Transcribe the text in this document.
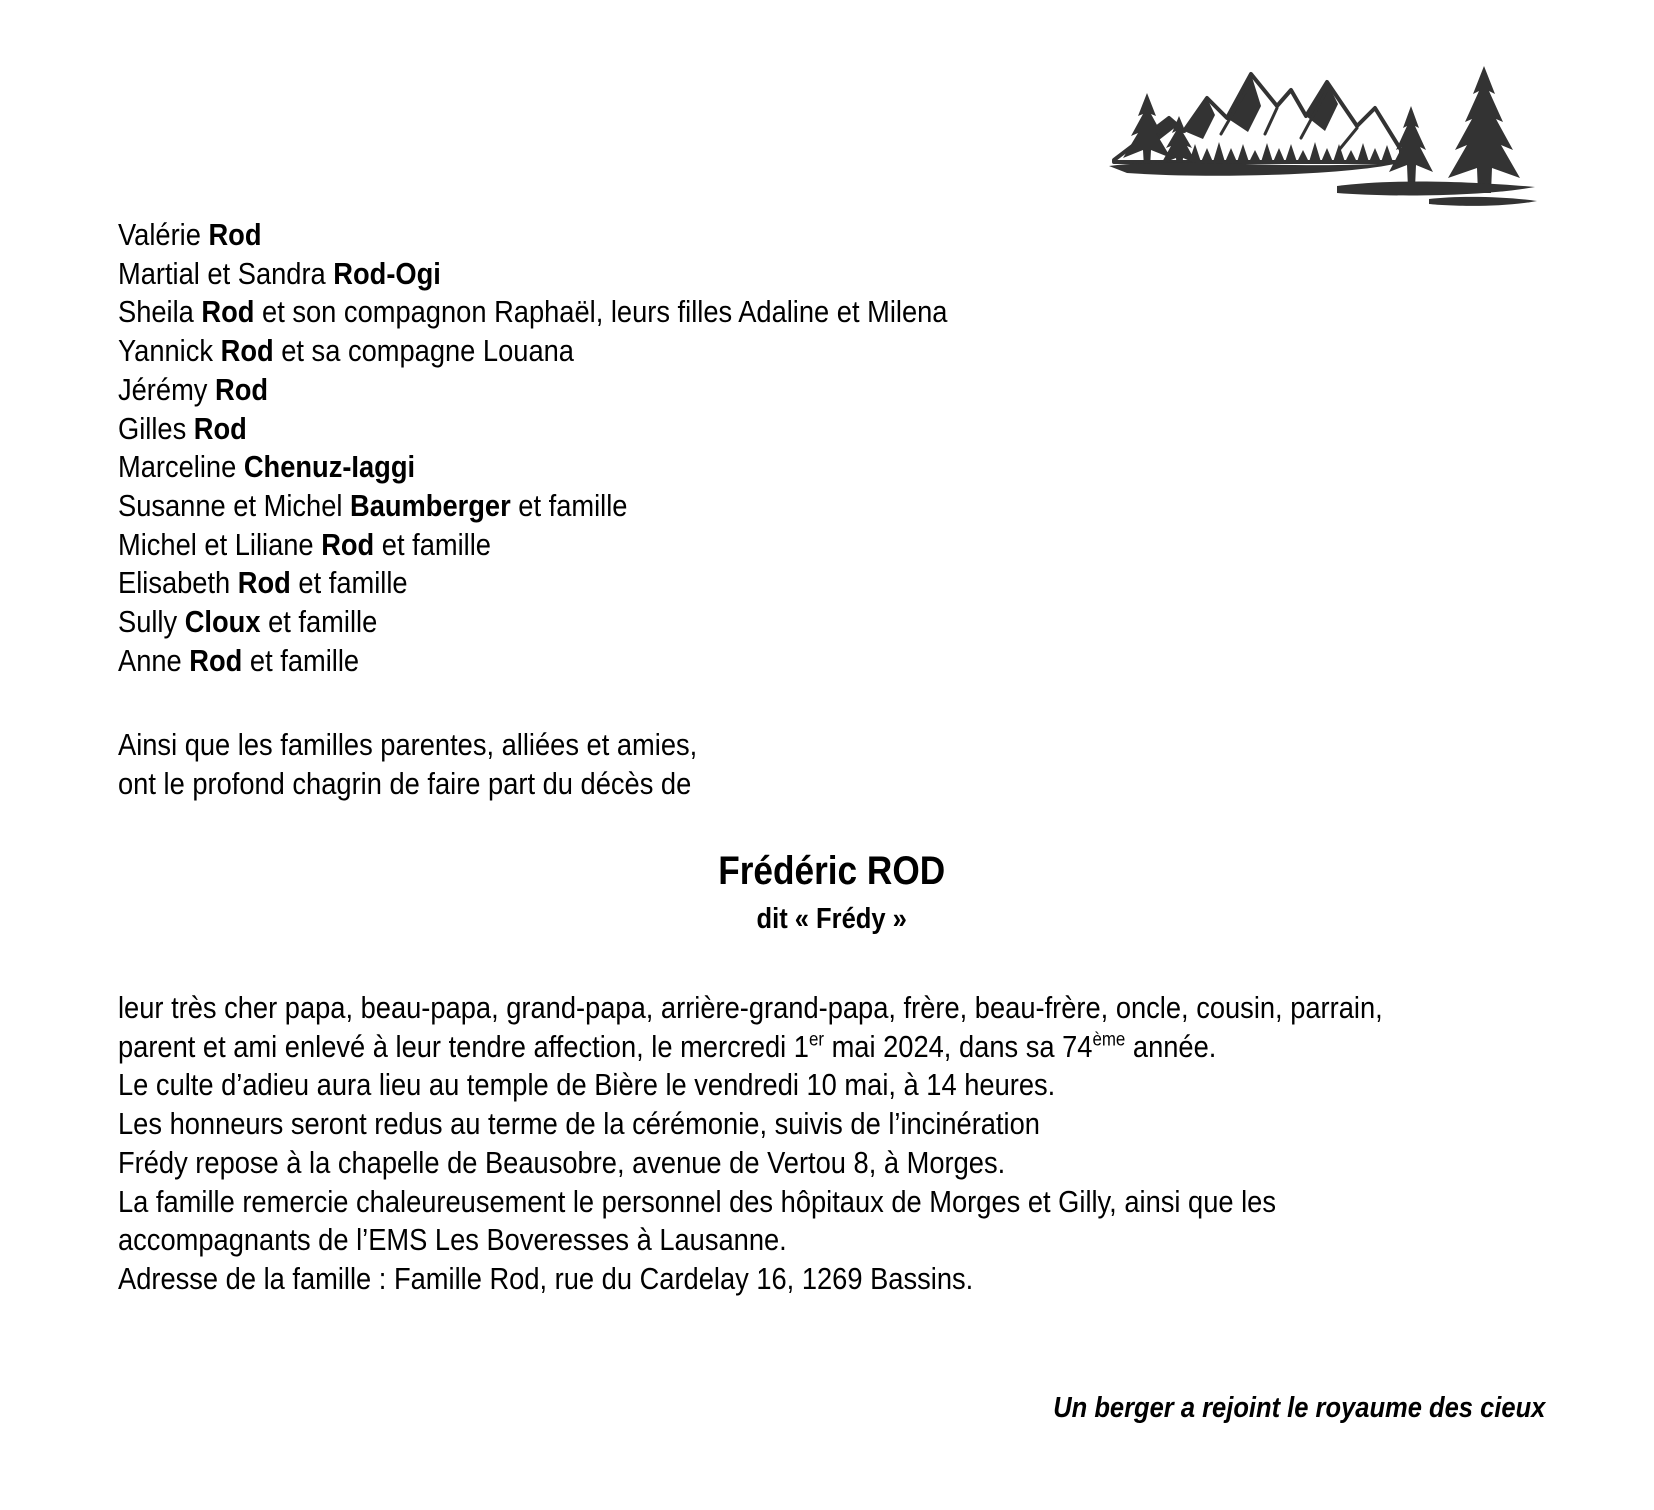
Valérie Rod

Martial et Sandra Rod-Ogi

Sheila Rod et son compagnon Raphaël, leurs filles Adaline et Milena

Yannick Rod et sa compagne Louana

Jérémy Rod

Gilles Rod

Marceline Chenuz-Iaggi

Susanne et Michel Baumberger et famille

Michel et Liliane Rod et famille

Elisabeth Rod et famille

Sully Cloux et famille

Anne Rod et famille

Ainsi que les familles parentes, alliées et amies,

ont le profond chagrin de faire part du décès de

Frédéric ROD
dit « Frédy »

leur très cher papa, beau-papa, grand-papa, arrière-grand-papa, frère, beau-frère, oncle, cousin, parrain,

parent et ami enlevé à leur tendre affection, le mercredi 1er mai 2024, dans sa 74ème année.

Le culte d’adieu aura lieu au temple de Bière le vendredi 10 mai, à 14 heures.

Les honneurs seront redus au terme de la cérémonie, suivis de l’incinération

Frédy repose à la chapelle de Beausobre, avenue de Vertou 8, à Morges.

La famille remercie chaleureusement le personnel des hôpitaux de Morges et Gilly, ainsi que les

accompagnants de l’EMS Les Boveresses à Lausanne.

Adresse de la famille : Famille Rod, rue du Cardelay 16, 1269 Bassins.

Un berger a rejoint le royaume des cieux
